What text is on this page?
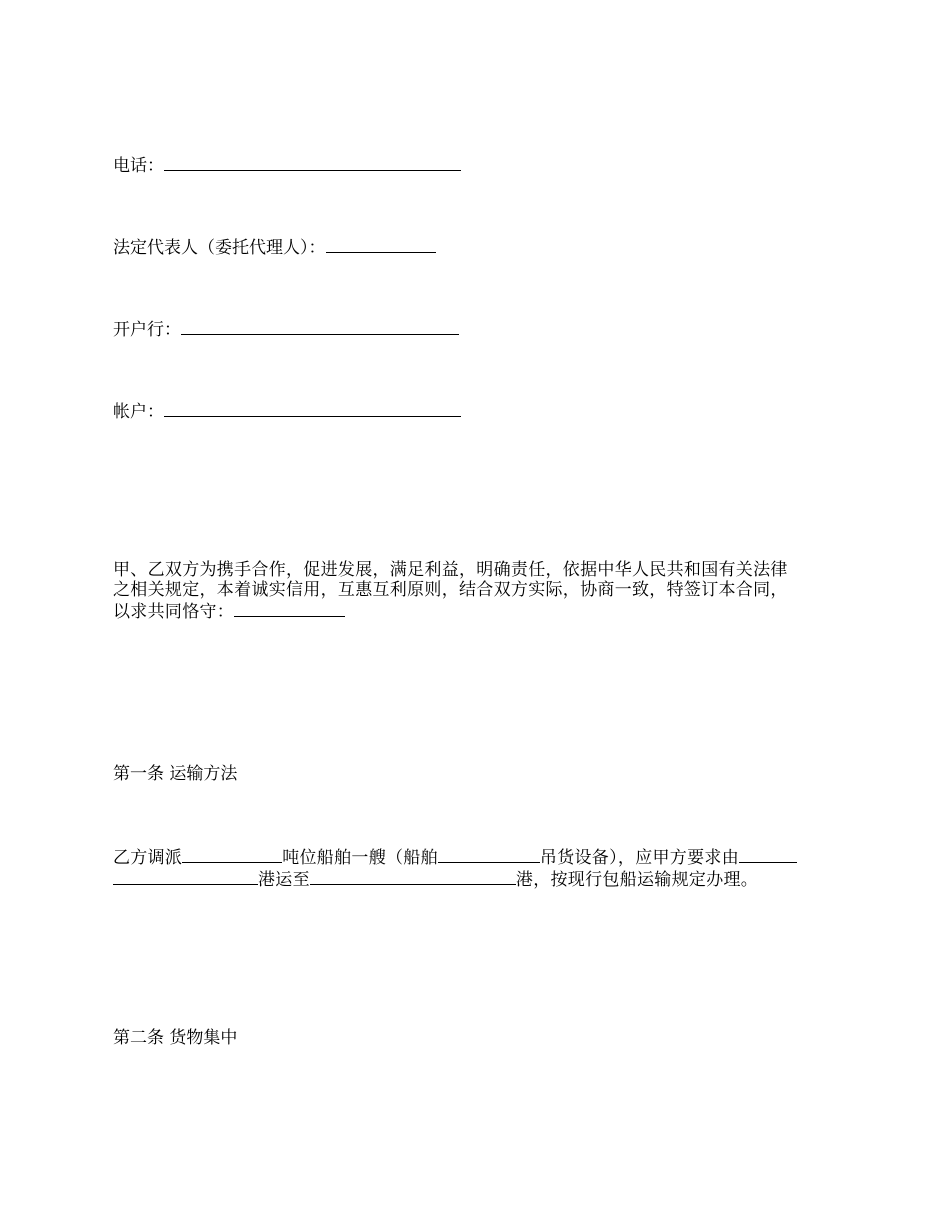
电话：
法定代表人（委托代理人）：
开户行：
帐户：
甲、乙双方为携手合作，促进发展，满足利益，明确责任，依据中华人民共和国有关法律
之相关规定，本着诚实信用，互惠互利原则，结合双方实际，协商一致，特签订本合同，
以求共同恪守：
第一条 运输方法
乙方调派	吨位船舶一艘（船舶	吊货设备），应甲方要求由
港运至	港，按现行包船运输规定办理。
第二条 货物集中
